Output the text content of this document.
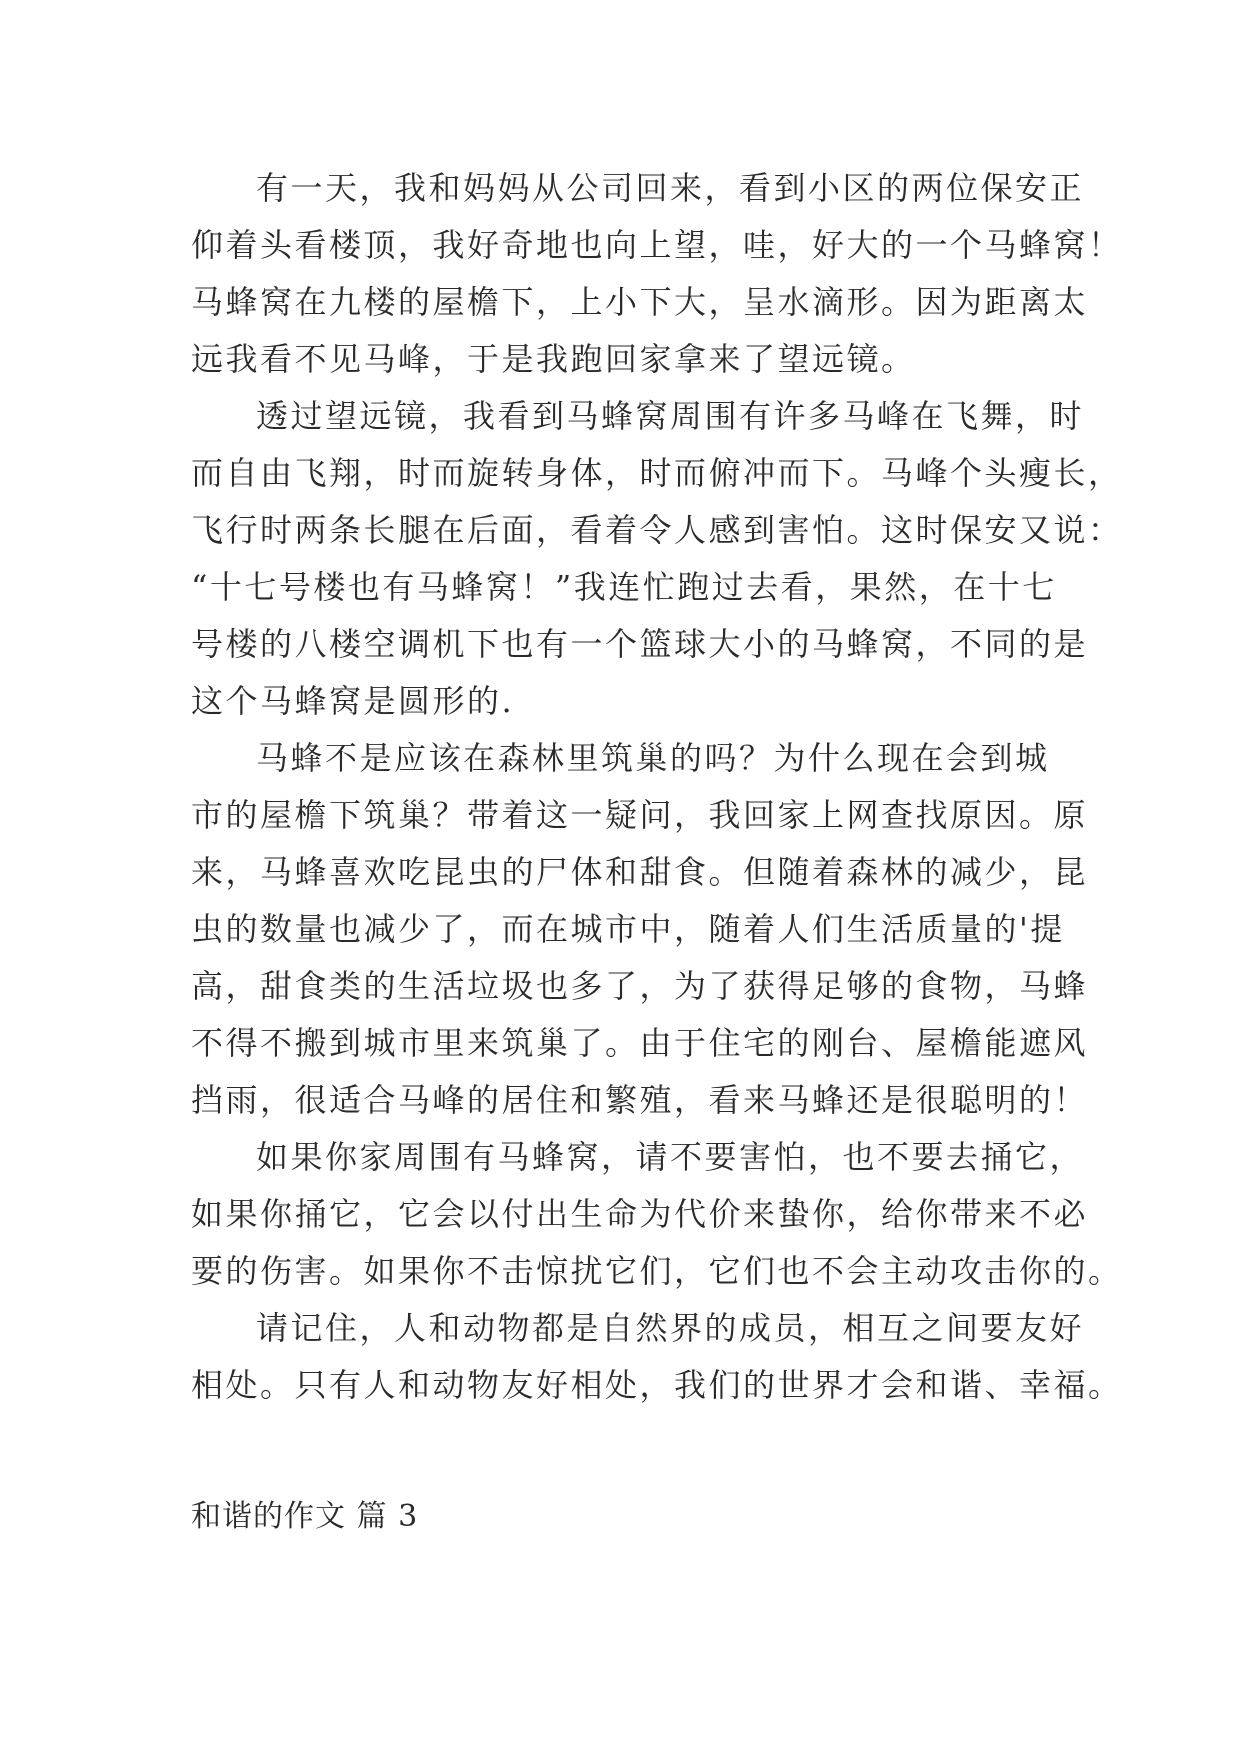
有一天，我和妈妈从公司回来，看到小区的两位保安正
仰着头看楼顶，我好奇地也向上望，哇，好大的一个马蜂窝！
马蜂窝在九楼的屋檐下，上小下大，呈水滴形。因为距离太
远我看不见马峰，于是我跑回家拿来了望远镜。
透过望远镜，我看到马蜂窝周围有许多马峰在飞舞，时
而自由飞翔，时而旋转身体，时而俯冲而下。马峰个头瘦长，
飞行时两条长腿在后面，看着令人感到害怕。这时保安又说：
“十七号楼也有马蜂窝！”我连忙跑过去看，果然，在十七
号楼的八楼空调机下也有一个篮球大小的马蜂窝，不同的是
这个马蜂窝是圆形的.
马蜂不是应该在森林里筑巢的吗？为什么现在会到城
市的屋檐下筑巢？带着这一疑问，我回家上网查找原因。原
来，马蜂喜欢吃昆虫的尸体和甜食。但随着森林的减少，昆
虫的数量也减少了，而在城市中，随着人们生活质量的'提
高，甜食类的生活垃圾也多了，为了获得足够的食物，马蜂
不得不搬到城市里来筑巢了。由于住宅的刚台、屋檐能遮风
挡雨，很适合马峰的居住和繁殖，看来马蜂还是很聪明的！
如果你家周围有马蜂窝，请不要害怕，也不要去捅它，
如果你捅它，它会以付出生命为代价来蛰你，给你带来不必
要的伤害。如果你不击惊扰它们，它们也不会主动攻击你的。
请记住，人和动物都是自然界的成员，相互之间要友好
相处。只有人和动物友好相处，我们的世界才会和谐、幸福。
和谐的作文 篇 3
